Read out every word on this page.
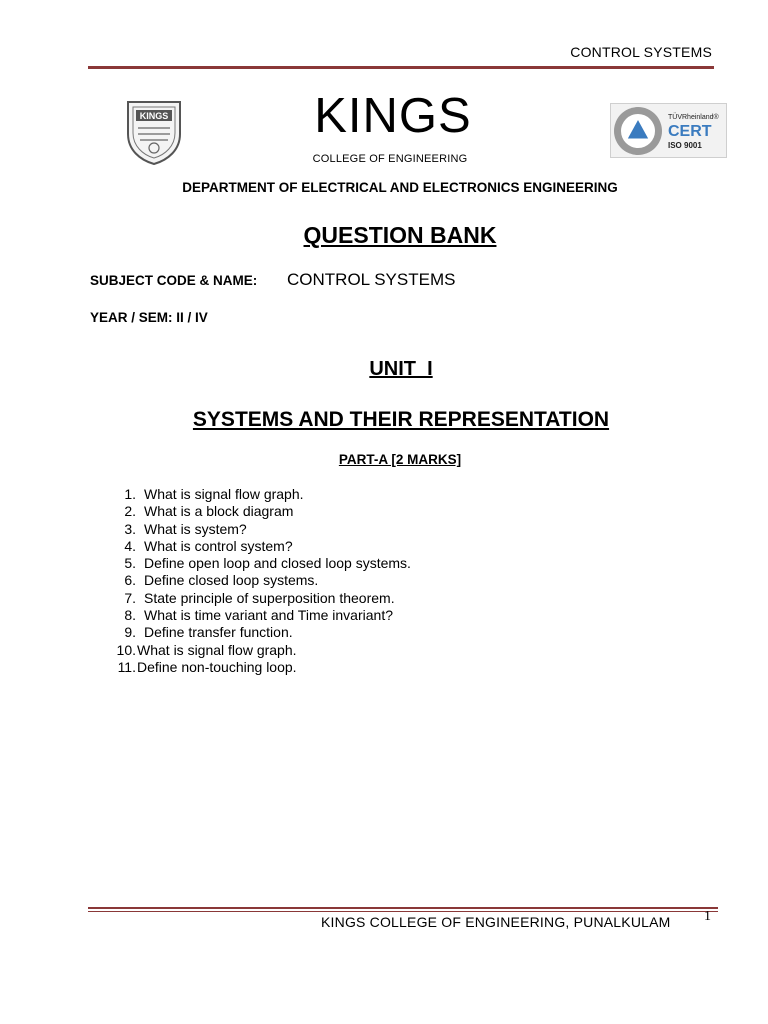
CONTROL SYSTEMS
KINGS	KINGS
COLLEGE OF ENGINEERING
TÜVRheinland®
CERT
ISO 9001
DEPARTMENT OF ELECTRICAL AND ELECTRONICS ENGINEERING
QUESTION BANK
SUBJECT CODE & NAME: CONTROL SYSTEMS
YEAR / SEM: II / IV
UNIT  I
SYSTEMS AND THEIR REPRESENTATION
PART-A [2 MARKS]
1. What is signal flow graph.
2. What is a block diagram
3. What is system?
4. What is control system?
5. Define open loop and closed loop systems.
6. Define closed loop systems.
7. State principle of superposition theorem.
8. What is time variant and Time invariant?
9. Define transfer function.
10. What is signal flow graph.
11. Define non-touching loop.
KINGS COLLEGE OF ENGINEERING, PUNALKULAM 1
